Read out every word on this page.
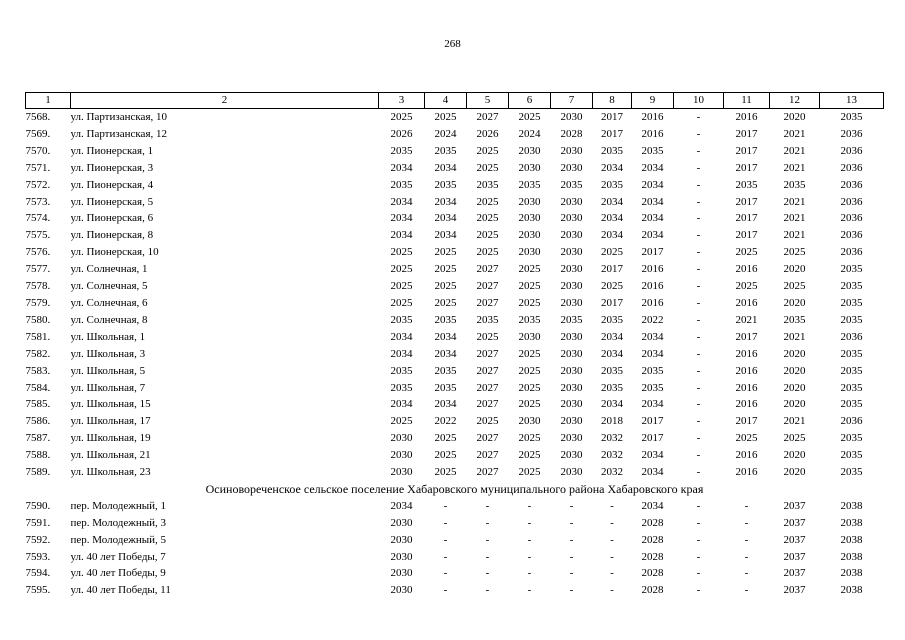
268
1	2	3	4	5	6	7	8	9	10	11	12	13
7568.	ул. Партизанская, 10	2025	2025	2027	2025	2030	2017	2016	-	2016	2020	2035
7569.	ул. Партизанская, 12	2026	2024	2026	2024	2028	2017	2016	-	2017	2021	2036
7570.	ул. Пионерская, 1	2035	2035	2025	2030	2030	2035	2035	-	2017	2021	2036
7571.	ул. Пионерская, 3	2034	2034	2025	2030	2030	2034	2034	-	2017	2021	2036
7572.	ул. Пионерская, 4	2035	2035	2035	2035	2035	2035	2034	-	2035	2035	2036
7573.	ул. Пионерская, 5	2034	2034	2025	2030	2030	2034	2034	-	2017	2021	2036
7574.	ул. Пионерская, 6	2034	2034	2025	2030	2030	2034	2034	-	2017	2021	2036
7575.	ул. Пионерская, 8	2034	2034	2025	2030	2030	2034	2034	-	2017	2021	2036
7576.	ул. Пионерская, 10	2025	2025	2025	2030	2030	2025	2017	-	2025	2025	2036
7577.	ул. Солнечная, 1	2025	2025	2027	2025	2030	2017	2016	-	2016	2020	2035
7578.	ул. Солнечная, 5	2025	2025	2027	2025	2030	2025	2016	-	2025	2025	2035
7579.	ул. Солнечная, 6	2025	2025	2027	2025	2030	2017	2016	-	2016	2020	2035
7580.	ул. Солнечная, 8	2035	2035	2035	2035	2035	2035	2022	-	2021	2035	2035
7581.	ул. Школьная, 1	2034	2034	2025	2030	2030	2034	2034	-	2017	2021	2036
7582.	ул. Школьная, 3	2034	2034	2027	2025	2030	2034	2034	-	2016	2020	2035
7583.	ул. Школьная, 5	2035	2035	2027	2025	2030	2035	2035	-	2016	2020	2035
7584.	ул. Школьная, 7	2035	2035	2027	2025	2030	2035	2035	-	2016	2020	2035
7585.	ул. Школьная, 15	2034	2034	2027	2025	2030	2034	2034	-	2016	2020	2035
7586.	ул. Школьная, 17	2025	2022	2025	2030	2030	2018	2017	-	2017	2021	2036
7587.	ул. Школьная, 19	2030	2025	2027	2025	2030	2032	2017	-	2025	2025	2035
7588.	ул. Школьная, 21	2030	2025	2027	2025	2030	2032	2034	-	2016	2020	2035
7589.	ул. Школьная, 23	2030	2025	2027	2025	2030	2032	2034	-	2016	2020	2035
Осиновореченское сельское поселение Хабаровского муниципального района Хабаровского края												
7590.	пер. Молодежный, 1	2034	-	-	-	-	-	2034	-	-	2037	2038
7591.	пер. Молодежный, 3	2030	-	-	-	-	-	2028	-	-	2037	2038
7592.	пер. Молодежный, 5	2030	-	-	-	-	-	2028	-	-	2037	2038
7593.	ул. 40 лет Победы, 7	2030	-	-	-	-	-	2028	-	-	2037	2038
7594.	ул. 40 лет Победы, 9	2030	-	-	-	-	-	2028	-	-	2037	2038
7595.	ул. 40 лет Победы, 11	2030	-	-	-	-	-	2028	-	-	2037	2038
